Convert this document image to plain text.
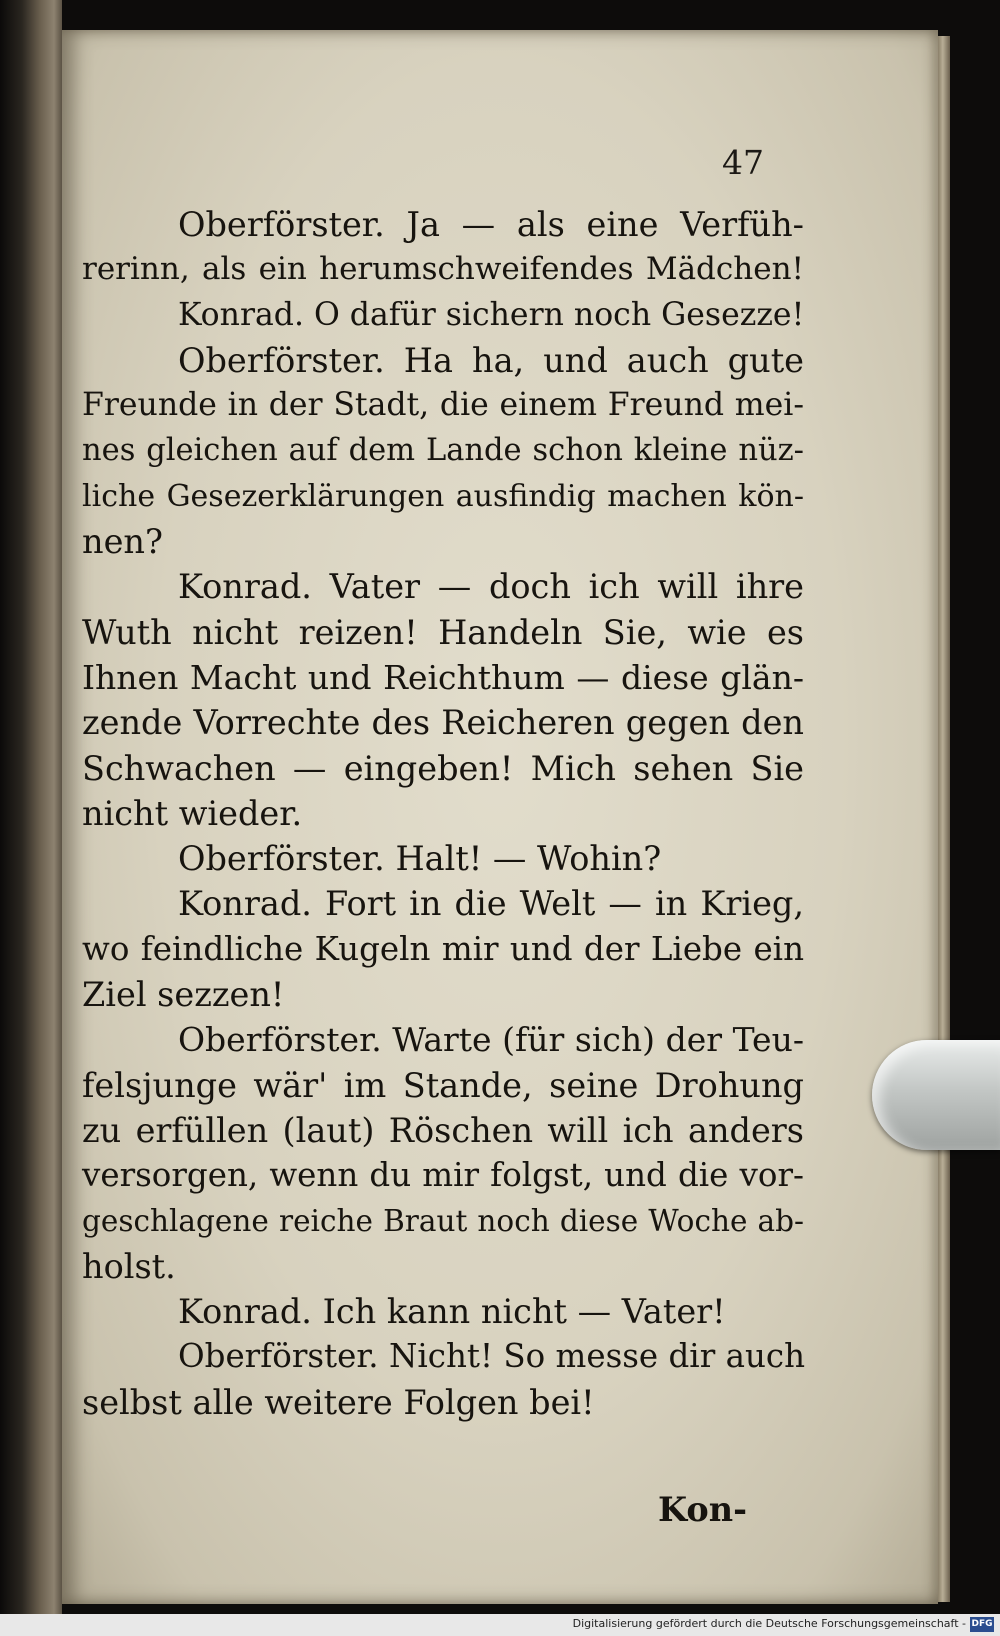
47
Oberförster. Ja — als eine Verfüh-
rerinn, als ein herumschweifendes Mädchen!
Konrad. O dafür sichern noch Gesezze!
Oberförster. Ha ha, und auch gute
Freunde in der Stadt, die einem Freund mei-
nes gleichen auf dem Lande schon kleine nüz-
liche Gesezerklärungen ausfindig machen kön-
nen?
Konrad. Vater — doch ich will ihre
Wuth nicht reizen! Handeln Sie, wie es
Ihnen Macht und Reichthum — diese glän-
zende Vorrechte des Reicheren gegen den
Schwachen — eingeben! Mich sehen Sie
nicht wieder.
Oberförster. Halt! — Wohin?
Konrad. Fort in die Welt — in Krieg,
wo feindliche Kugeln mir und der Liebe ein
Ziel sezzen!
Oberförster. Warte (für sich) der Teu-
felsjunge wär' im Stande, seine Drohung
zu erfüllen (laut) Röschen will ich anders
versorgen, wenn du mir folgst, und die vor-
geschlagene reiche Braut noch diese Woche ab-
holst.
Konrad. Ich kann nicht — Vater!
Oberförster. Nicht! So messe dir auch
selbst alle weitere Folgen bei!
Kon-
Digitalisierung gefördert durch die Deutsche Forschungsgemeinschaft - DFG
